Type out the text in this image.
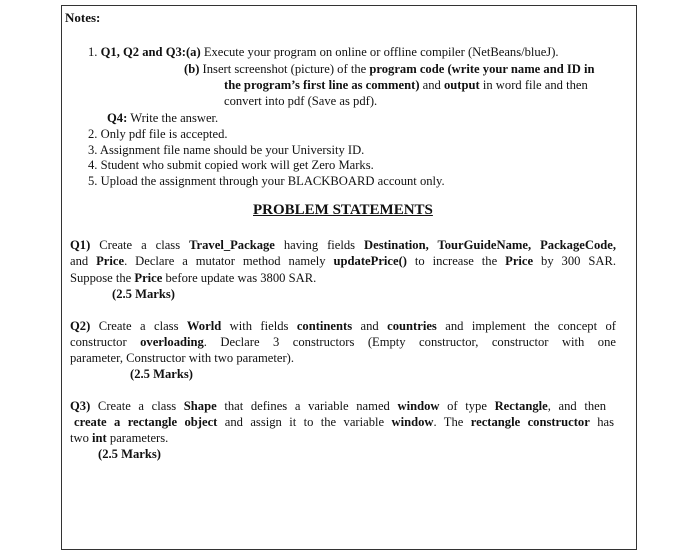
Notes:
1. Q1, Q2 and Q3:(a) Execute your program on online or offline compiler (NetBeans/blueJ).
(b) Insert screenshot (picture) of the program code (write your name and ID in
the program’s first line as comment) and output in word file and then
convert into pdf (Save as pdf).
Q4: Write the answer.
2. Only pdf file is accepted.
3. Assignment file name should be your University ID.
4. Student who submit copied work will get Zero Marks.
5. Upload the assignment through your BLACKBOARD account only.
PROBLEM STATEMENTS
Q1) Create a class Travel_Package having fields Destination, TourGuideName, PackageCode,
and Price. Declare a mutator method namely updatePrice() to increase the Price by 300 SAR.
Suppose the Price before update was 3800 SAR.
(2.5 Marks)
Q2) Create a class World with fields continents and countries and implement the concept of
constructor overloading. Declare 3 constructors (Empty constructor, constructor with one
parameter, Constructor with two parameter).
(2.5 Marks)
Q3) Create a class Shape that defines a variable named window of type Rectangle, and then
create a rectangle object and assign it to the variable window. The rectangle constructor has
two int parameters.
(2.5 Marks)
